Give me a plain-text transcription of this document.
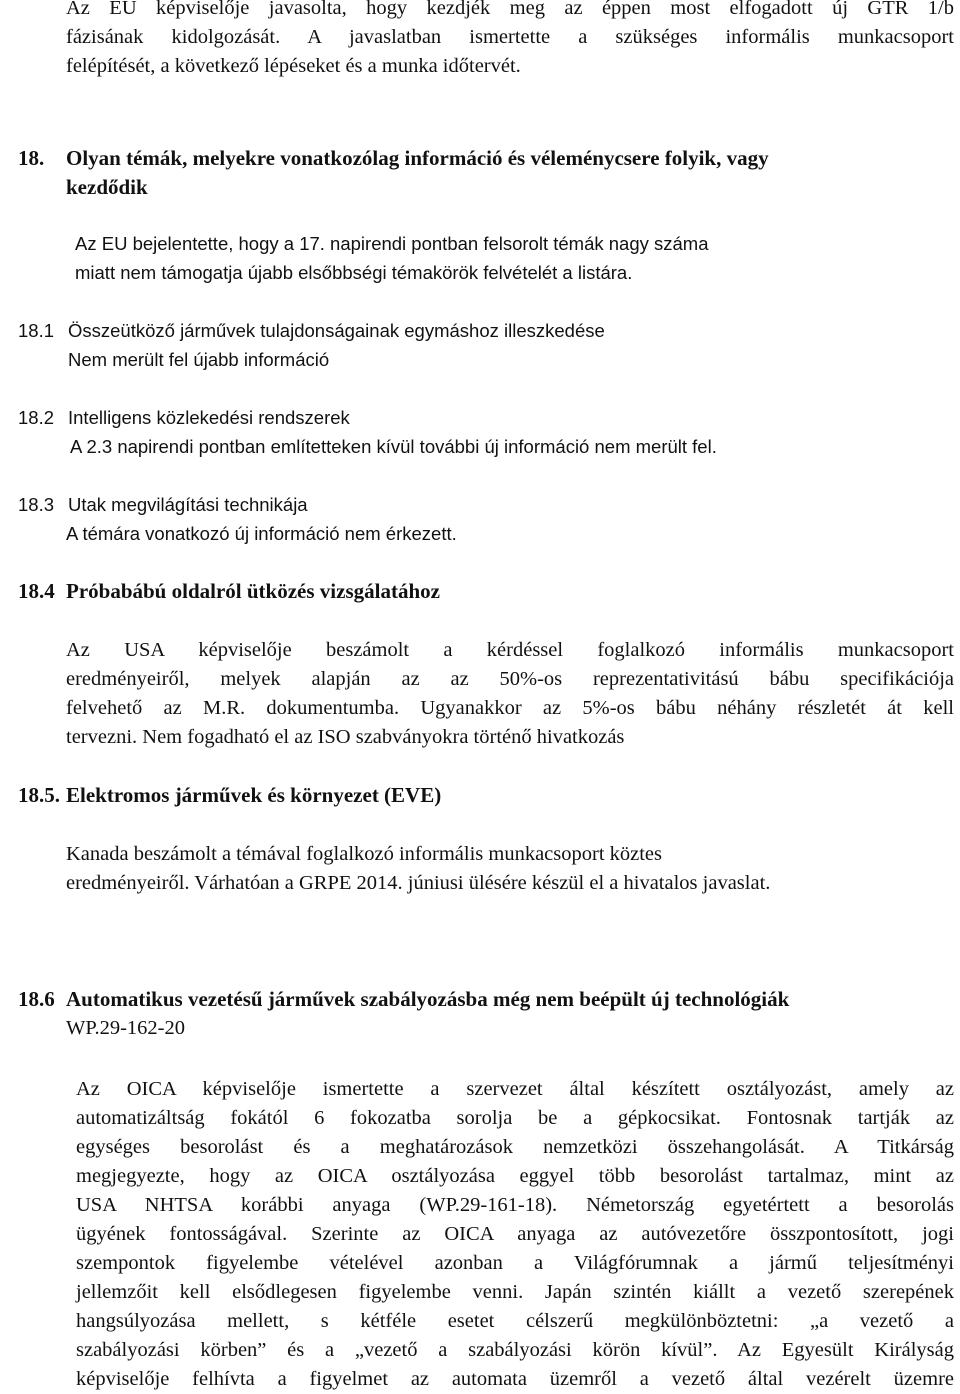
Az EU képviselője javasolta, hogy kezdjék meg az éppen most elfogadott új GTR 1/b
fázisának kidolgozását. A javaslatban ismertette a szükséges informális munkacsoport
felépítését, a következő lépéseket és a munka időtervét.
18. Olyan témák, melyekre vonatkozólag információ és véleménycsere folyik, vagy
kezdődik
Az EU bejelentette, hogy a 17. napirendi pontban felsorolt témák nagy száma
miatt nem támogatja újabb elsőbbségi témakörök felvételét a listára.
18.1 Összeütköző járművek tulajdonságainak egymáshoz illeszkedése
Nem merült fel újabb információ
18.2 Intelligens közlekedési rendszerek
A 2.3 napirendi pontban említetteken kívül további új információ nem merült fel.
18.3 Utak megvilágítási technikája
A témára vonatkozó új információ nem érkezett.
18.4 Próbabábú oldalról ütközés vizsgálatához
Az USA képviselője beszámolt a kérdéssel foglalkozó informális munkacsoport
eredményeiről, melyek alapján az az 50%-os reprezentativitású bábu specifikációja
felvehető az M.R. dokumentumba. Ugyanakkor az 5%-os bábu néhány részletét át kell
tervezni. Nem fogadható el az ISO szabványokra történő hivatkozás
18.5. Elektromos járművek és környezet (EVE)
Kanada beszámolt a témával foglalkozó informális munkacsoport köztes
eredményeiről. Várhatóan a GRPE 2014. júniusi ülésére készül el a hivatalos javaslat.
18.6 Automatikus vezetésű járművek szabályozásba még nem beépült új technológiák
WP.29-162-20
Az OICA képviselője ismertette a szervezet által készített osztályozást, amely az
automatizáltság fokától 6 fokozatba sorolja be a gépkocsikat. Fontosnak tartják az
egységes besorolást és a meghatározások nemzetközi összehangolását. A Titkárság
megjegyezte, hogy az OICA osztályozása eggyel több besorolást tartalmaz, mint az
USA NHTSA korábbi anyaga (WP.29-161-18). Németország egyetértett a besorolás
ügyének fontosságával. Szerinte az OICA anyaga az autóvezetőre összpontosított, jogi
szempontok figyelembe vételével azonban a Világfórumnak a jármű teljesítményi
jellemzőit kell elsődlegesen figyelembe venni. Japán szintén kiállt a vezető szerepének
hangsúlyozása mellett, s kétféle esetet célszerű megkülönböztetni: „a vezető a
szabályozási körben” és a „vezető a szabályozási körön kívül”. Az Egyesült Királyság
képviselője felhívta a figyelmet az automata üzemről a vezető által vezérelt üzemre
